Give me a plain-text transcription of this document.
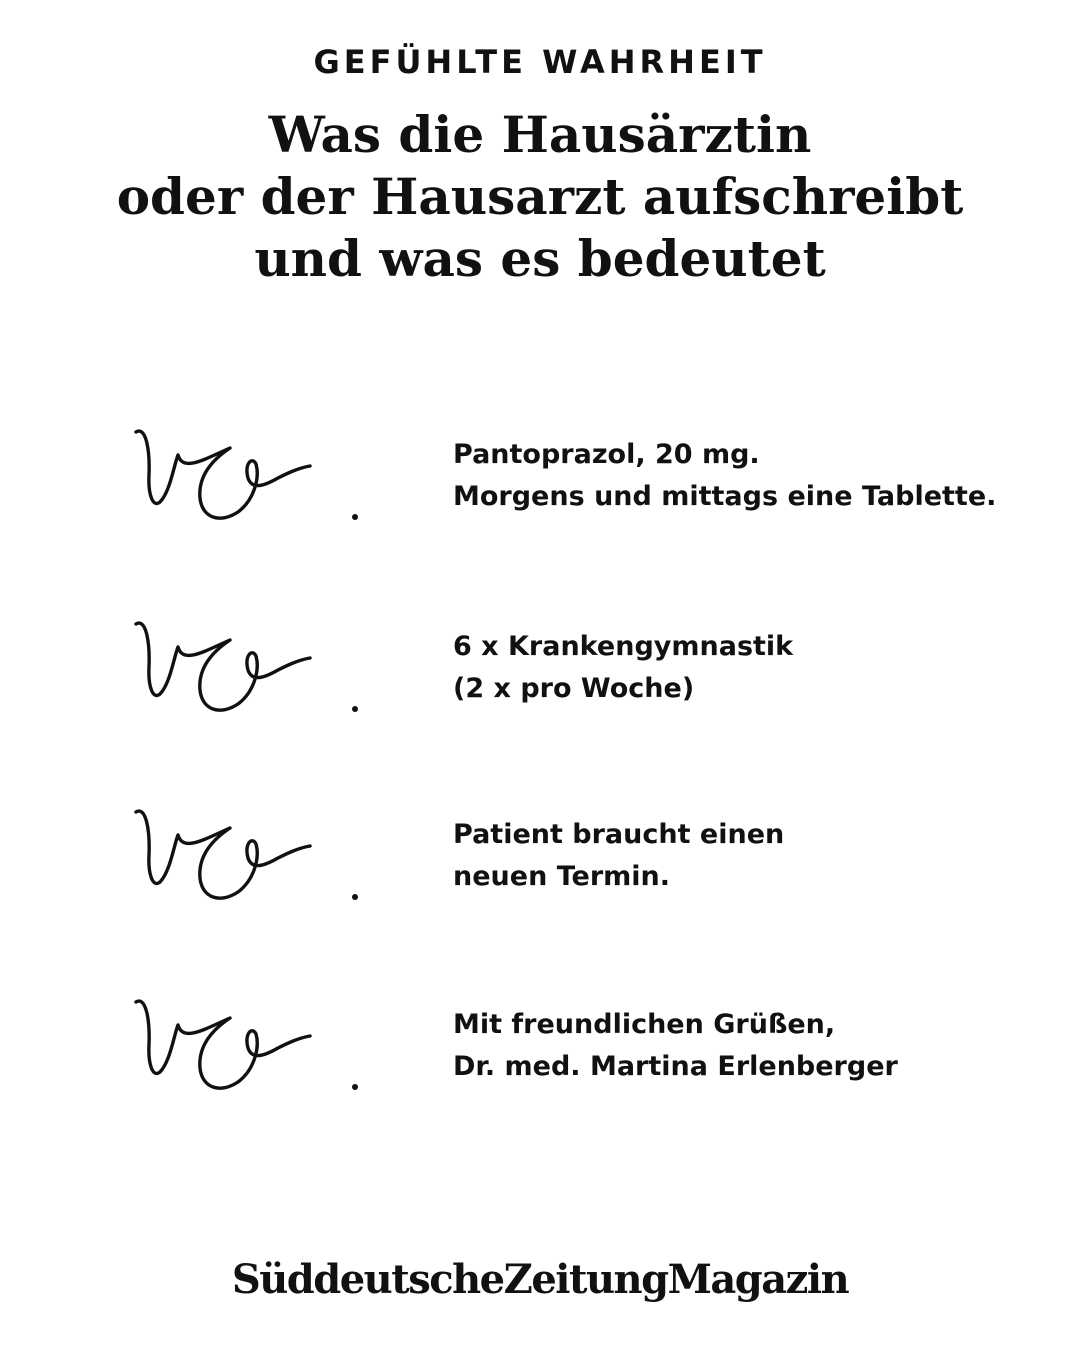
GEFÜHLTE WAHRHEIT
Was die Hausärztin
oder der Hausarzt aufschreibt
und was es bedeutet
Pantoprazol, 20 mg.
Morgens und mittags eine Tablette.
6 x Krankengymnastik
(2 x pro Woche)
Patient braucht einen
neuen Termin.
Mit freundlichen Grüßen,
Dr. med. Martina Erlenberger
SüddeutscheZeitungMagazin
